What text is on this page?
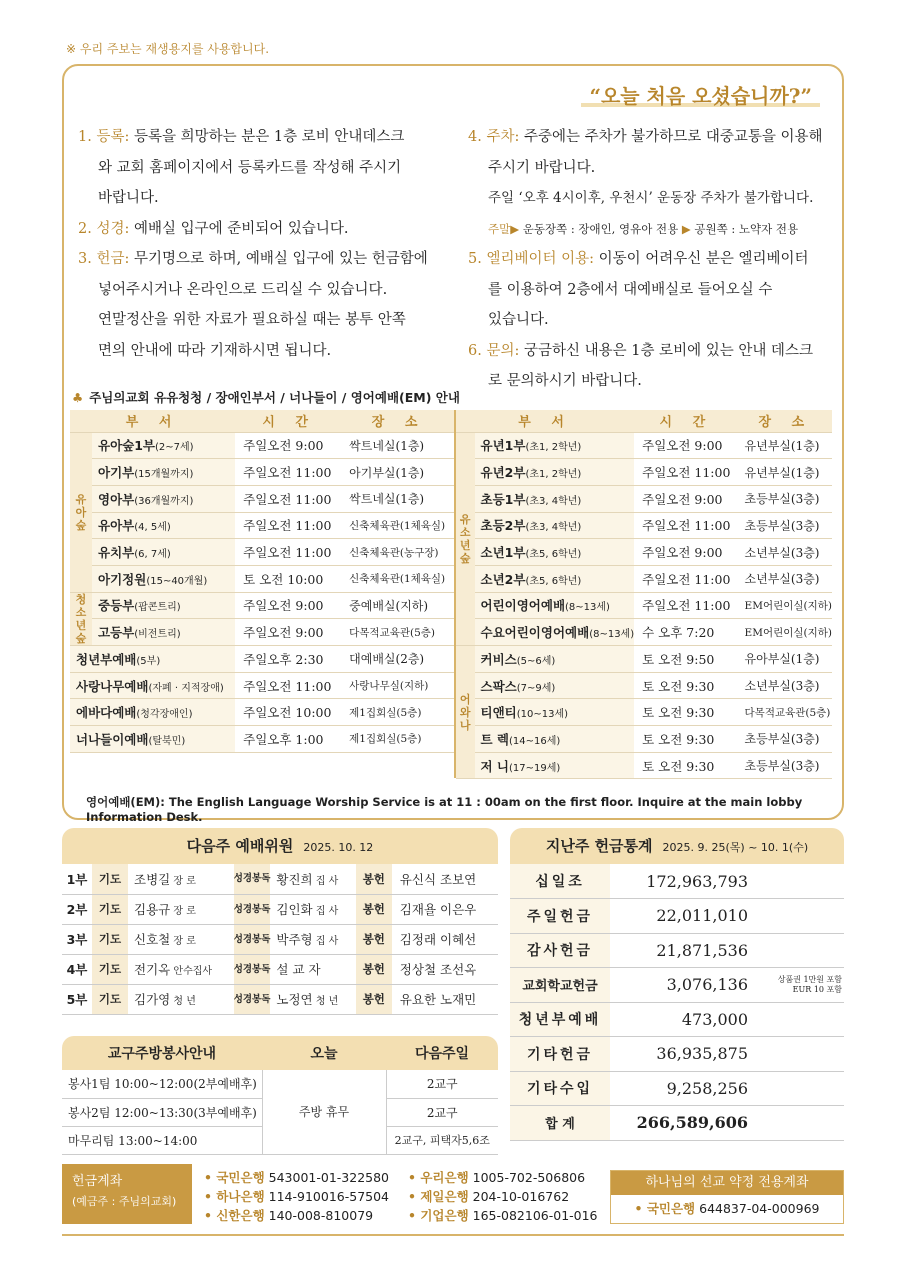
※ 우리 주보는 재생용지를 사용합니다.
“오늘 처음 오셨습니까?”
1. 등록: 등록을 희망하는 분은 1층 로비 안내데스크
와 교회 홈페이지에서 등록카드를 작성해 주시기
바랍니다.
2. 성경: 예배실 입구에 준비되어 있습니다.
3. 헌금: 무기명으로 하며, 예배실 입구에 있는 헌금함에
넣어주시거나 온라인으로 드리실 수 있습니다.
연말정산을 위한 자료가 필요하실 때는 봉투 안쪽
면의 안내에 따라 기재하시면 됩니다.
4. 주차: 주중에는 주차가 불가하므로 대중교통을 이용해
주시기 바랍니다.
주일 ‘오후 4시이후, 우천시’ 운동장 주차가 불가합니다.
주말▶ 운동장쪽 : 장애인, 영유아 전용 ▶ 공원쪽 : 노약자 전용
5. 엘리베이터 이용: 이동이 어려우신 분은 엘리베이터
를 이용하여 2층에서 대예배실로 들어오실 수
있습니다.
6. 문의: 궁금하신 내용은 1층 로비에 있는 안내 데스크
로 문의하시기 바랍니다.
♣ 주님의교회 유유청청 / 장애인부서 / 너나들이 / 영어예배(EM) 안내
부 서		시 간	장 소

유
아
숲	유아숲1부(2~7세)	주일오전 9:00	싹트네실(1층)
	아기부(15개월까지)	주일오전 11:00	아기부실(1층)
	영아부(36개월까지)	주일오전 11:00	싹트네실(1층)
	유아부(4, 5세)	주일오전 11:00	신축체육관(1체육실)
	유치부(6, 7세)	주일오전 11:00	신축체육관(농구장)
	아기정원(15~40개월)	토 오전 10:00	신축체육관(1체육실)

청
소
년
숲	중등부(팝콘트리)	주일오전 9:00	중예배실(지하)
	고등부(비전트리)	주일오전 9:00	다목적교육관(5층)
청년부예배(5부)		주일오후 2:30	대예배실(2층)
사랑나무예배(자폐 · 지적장애)		주일오전 11:00	사랑나무실(지하)
에바다예배(청각장애인)		주일오전 10:00	제1집회실(5층)
너나들이예배(탈북민)		주일오후 1:00	제1집회실(5층)
부 서		시 간	장 소

유
소
년
숲	유년1부(초1, 2학년)	주일오전 9:00	유년부실(1층)
	유년2부(초1, 2학년)	주일오전 11:00	유년부실(1층)
	초등1부(초3, 4학년)	주일오전 9:00	초등부실(3층)
	초등2부(초3, 4학년)	주일오전 11:00	초등부실(3층)
	소년1부(초5, 6학년)	주일오전 9:00	소년부실(3층)
	소년2부(초5, 6학년)	주일오전 11:00	소년부실(3층)
	어린이영어예배(8~13세)	주일오전 11:00	EM어린이실(지하)
	수요어린이영어예배(8~13세)	수 오후 7:20	EM어린이실(지하)

어
와
나	커비스(5~6세)	토 오전 9:50	유아부실(1층)
	스팍스(7~9세)	토 오전 9:30	소년부실(3층)
	티앤티(10~13세)	토 오전 9:30	다목적교육관(5층)
	트 렉(14~16세)	토 오전 9:30	초등부실(3층)
	저 니(17~19세)	토 오전 9:30	초등부실(3층)
영어예배(EM): The English Language Worship Service is at 11 : 00am on the first floor. Inquire at the main lobby Information Desk.
다음주 예배위원 2025. 10. 12
1부	기도	조병길 장 로	성경봉독	황진희 집 사	봉헌	유신식 조보연
2부	기도	김용규 장 로	성경봉독	김인화 집 사	봉헌	김재욜 이은우
3부	기도	신호철 장 로	성경봉독	박주형 집 사	봉헌	김정래 이혜선
4부	기도	전기옥 안수집사	성경봉독	설 교 자	봉헌	정상철 조선옥
5부	기도	김가영 청 년	성경봉독	노정연 청 년	봉헌	유요한 노재민
교구주방봉사안내	오늘	다음주일
봉사1팀 10:00~12:00(2부예배후)	주방 휴무	2교구
봉사2팀 12:00~13:30(3부예배후)		2교구
마무리팀 13:00~14:00		2교구, 피택자5,6조
지난주 헌금통계 2025. 9. 25(목) ~ 10. 1(수)
십일조	172,963,793
주일헌금	22,011,010
감사헌금	21,871,536
교회학교헌금	3,076,136 상품권 1만원 포함 EUR 10 포함

청년부예배	473,000
기타헌금	36,935,875
기타수입	9,258,256
합 계	266,589,606
헌금계좌
(예금주 : 주님의교회)
• 국민은행 543001-01-322580
• 하나은행 114-910016-57504
• 신한은행 140-008-810079
• 우리은행 1005-702-506806
• 제일은행 204-10-016762
• 기업은행 165-082106-01-016
하나님의 선교 약정 전용계좌
• 국민은행 644837-04-000969
